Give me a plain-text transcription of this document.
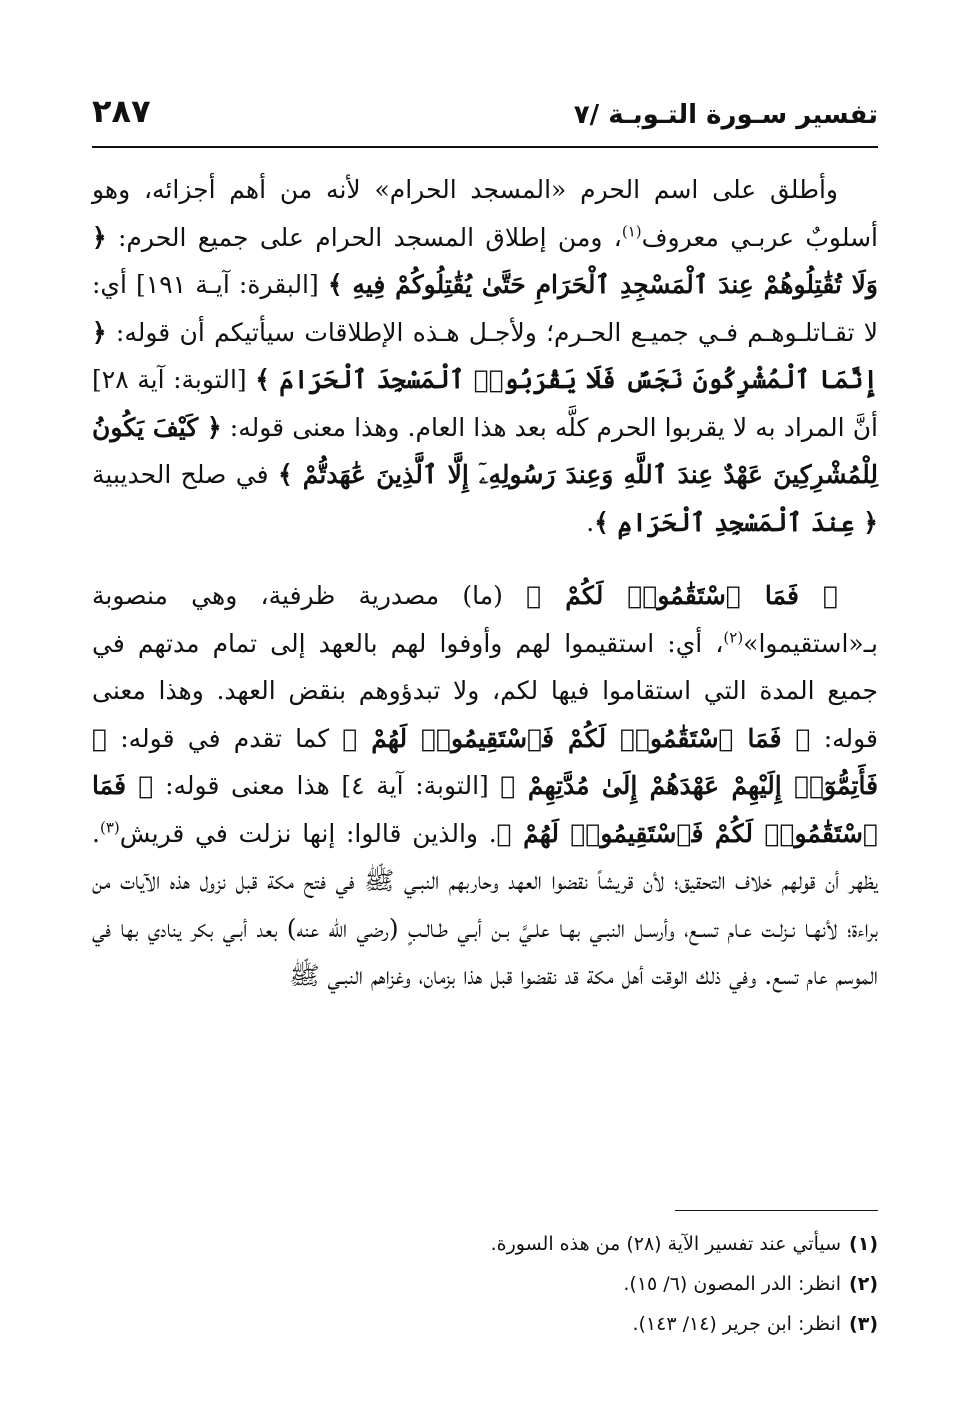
تفسير سـورة التـوبـة /٧
٢٨٧

وأطلق على اسم الحرم «المسجد الحرام» لأنه من أهم أجزائه، وهو أسلوبٌ عربـي معروف$^{(١)}$، ومن إطلاق المسجد الحرام على جميع الحرم: ﴿ وَلَا تُقَٰتِلُوهُمْ عِندَ ٱلْمَسْجِدِ ٱلْحَرَامِ حَتَّىٰ يُقَٰتِلُوكُمْ فِيهِ ﴾ [البقرة: آيـة ١٩١] أي: لا تقـاتلـوهـم فـي جميـع الحـرم؛ ولأجـل هـذه الإطلاقات سيأتيكم أن قوله: ﴿ إِنَّمَا ٱلْمُشْرِكُونَ نَجَسٌ فَلَا يَقْرَبُوا۟ ٱلْمَسْجِدَ ٱلْحَرَامَ ﴾ [التوبة: آية ٢٨] أنَّ المراد به لا يقربوا الحرم كلَّه بعد هذا العام. وهذا معنى قوله: ﴿ كَيْفَ يَكُونُ لِلْمُشْرِكِينَ عَهْدٌ عِندَ ٱللَّهِ وَعِندَ رَسُولِهِۦٓ إِلَّا ٱلَّذِينَ عَٰهَدتُّمْ ﴾ في صلح الحديبية ﴿ عِندَ ٱلْمَسْجِدِ ٱلْحَرَامِ ﴾.

﴿ فَمَا ٱسْتَقَٰمُوا۟ لَكُمْ ﴾ (ما) مصدرية ظرفية، وهي منصوبة بـ«استقيموا»$^{(٢)}$، أي: استقيموا لهم وأوفوا لهم بالعهد إلى تمام مدتهم في جميع المدة التي استقاموا فيها لكم، ولا تبدؤوهم بنقض العهد. وهذا معنى قوله: ﴿ فَمَا ٱسْتَقَٰمُوا۟ لَكُمْ فَٱسْتَقِيمُوا۟ لَهُمْ ﴾ كما تقدم في قوله: ﴿ فَأَتِمُّوٓا۟ إِلَيْهِمْ عَهْدَهُمْ إِلَىٰ مُدَّتِهِمْ ﴾ [التوبة: آية ٤] هذا معنى قوله: ﴿ فَمَا ٱسْتَقَٰمُوا۟ لَكُمْ فَٱسْتَقِيمُوا۟ لَهُمْ ﴾. والذين قالوا: إنها نزلت في قريش$^{(٣)}$. يظهر أن قولهم خلاف التحقيق؛ لأن قريشاً نقضوا العهد وحاربهم النبـي ﷺ في فتح مكة قبل نزول هذه الآيات من براءة؛ لأنهـا نـزلـت عـام تسـع، وأرسـل النبـي بهـا علـيَّ بـن أبـي طـالـبٍ (رضي الله عنه) بعد أبـي بكر ينادي بها في الموسم عام تسع. وفي ذلك الوقت أهل مكة قد نقضوا قبل هذا بزمان، وغزاهم النبـي ﷺ

(١)سيأتي عند تفسير الآية (٢٨) من هذه السورة.

(٢)انظر: الدر المصون (٦/ ١٥).

(٣)انظر: ابن جرير (١٤/ ١٤٣).
